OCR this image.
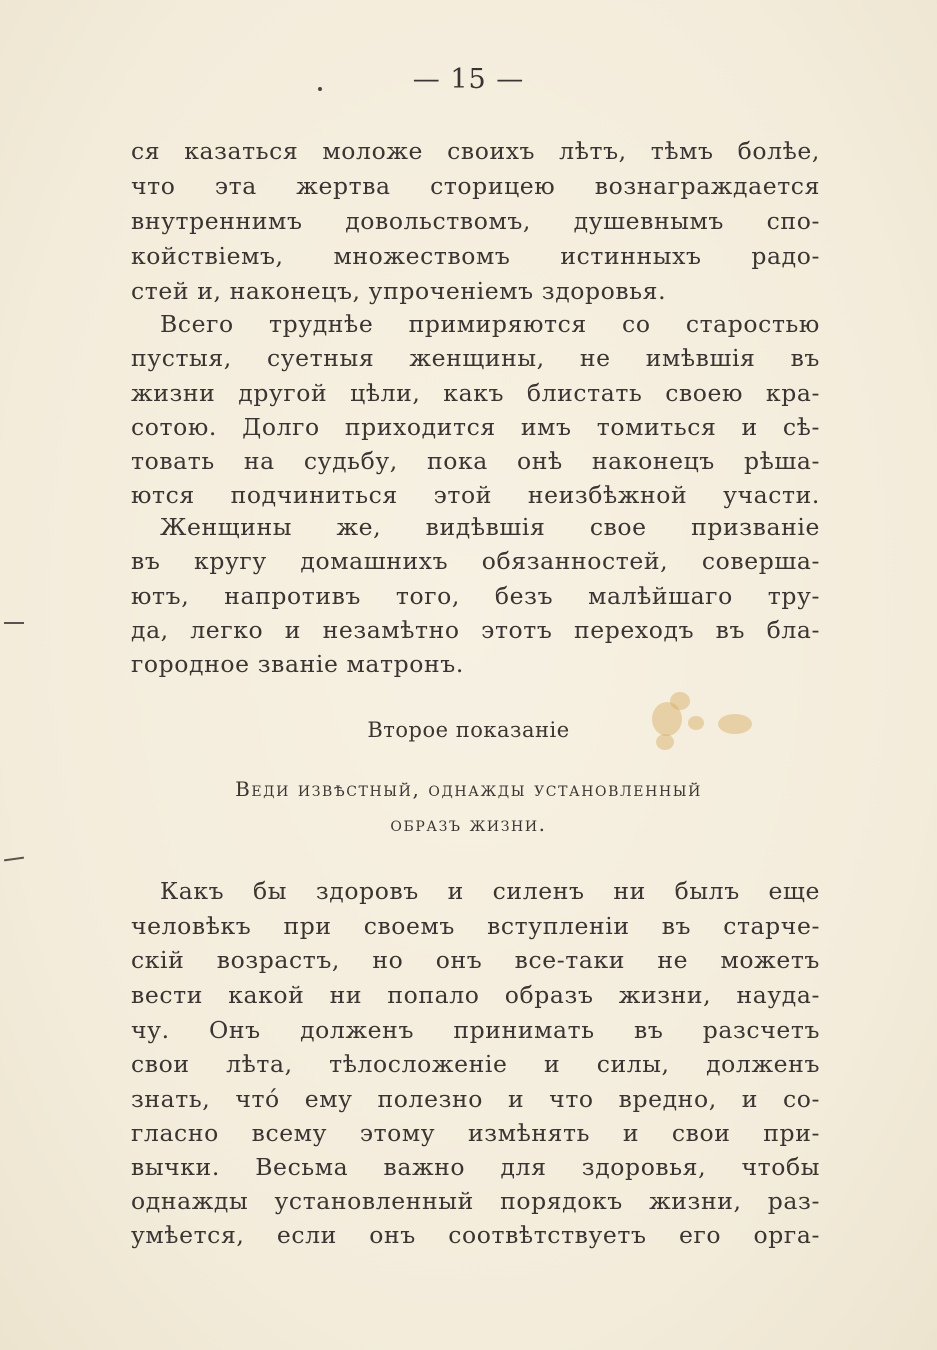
— 15 —
ся казаться моложе своихъ лѣтъ, тѣмъ болѣе,
что эта жертва сторицею вознаграждается
внутреннимъ довольствомъ, душевнымъ спо-
койствіемъ, множествомъ истинныхъ радо-
стей и, наконецъ, упроченіемъ здоровья.
Всего труднѣе примиряются со старостью
пустыя, суетныя женщины, не имѣвшія въ
жизни другой цѣли, какъ блистать своею кра-
сотою. Долго приходится имъ томиться и сѣ-
товать на судьбу, пока онѣ наконецъ рѣша-
ются подчиниться этой неизбѣжной участи.
Женщины же, видѣвшія свое призваніе
въ кругу домашнихъ обязанностей, соверша-
ютъ, напротивъ того, безъ малѣйшаго тру-
да, легко и незамѣтно этотъ переходъ въ бла-
городное званіе матронъ.
Второе показаніе
Веди извѣстный, однажды установленный
образъ жизни.
Какъ бы здоровъ и силенъ ни былъ еще
человѣкъ при своемъ вступленіи въ старче-
скій возрастъ, но онъ все-таки не можетъ
вести какой ни попало образъ жизни, науда-
чу. Онъ долженъ принимать въ разсчетъ
свои лѣта, тѣлосложеніе и силы, долженъ
знать, чтó ему полезно и что вредно, и со-
гласно всему этому измѣнять и свои при-
вычки. Весьма важно для здоровья, чтобы
однажды установленный порядокъ жизни, раз-
умѣется, если онъ соотвѣтствуетъ его орга-
